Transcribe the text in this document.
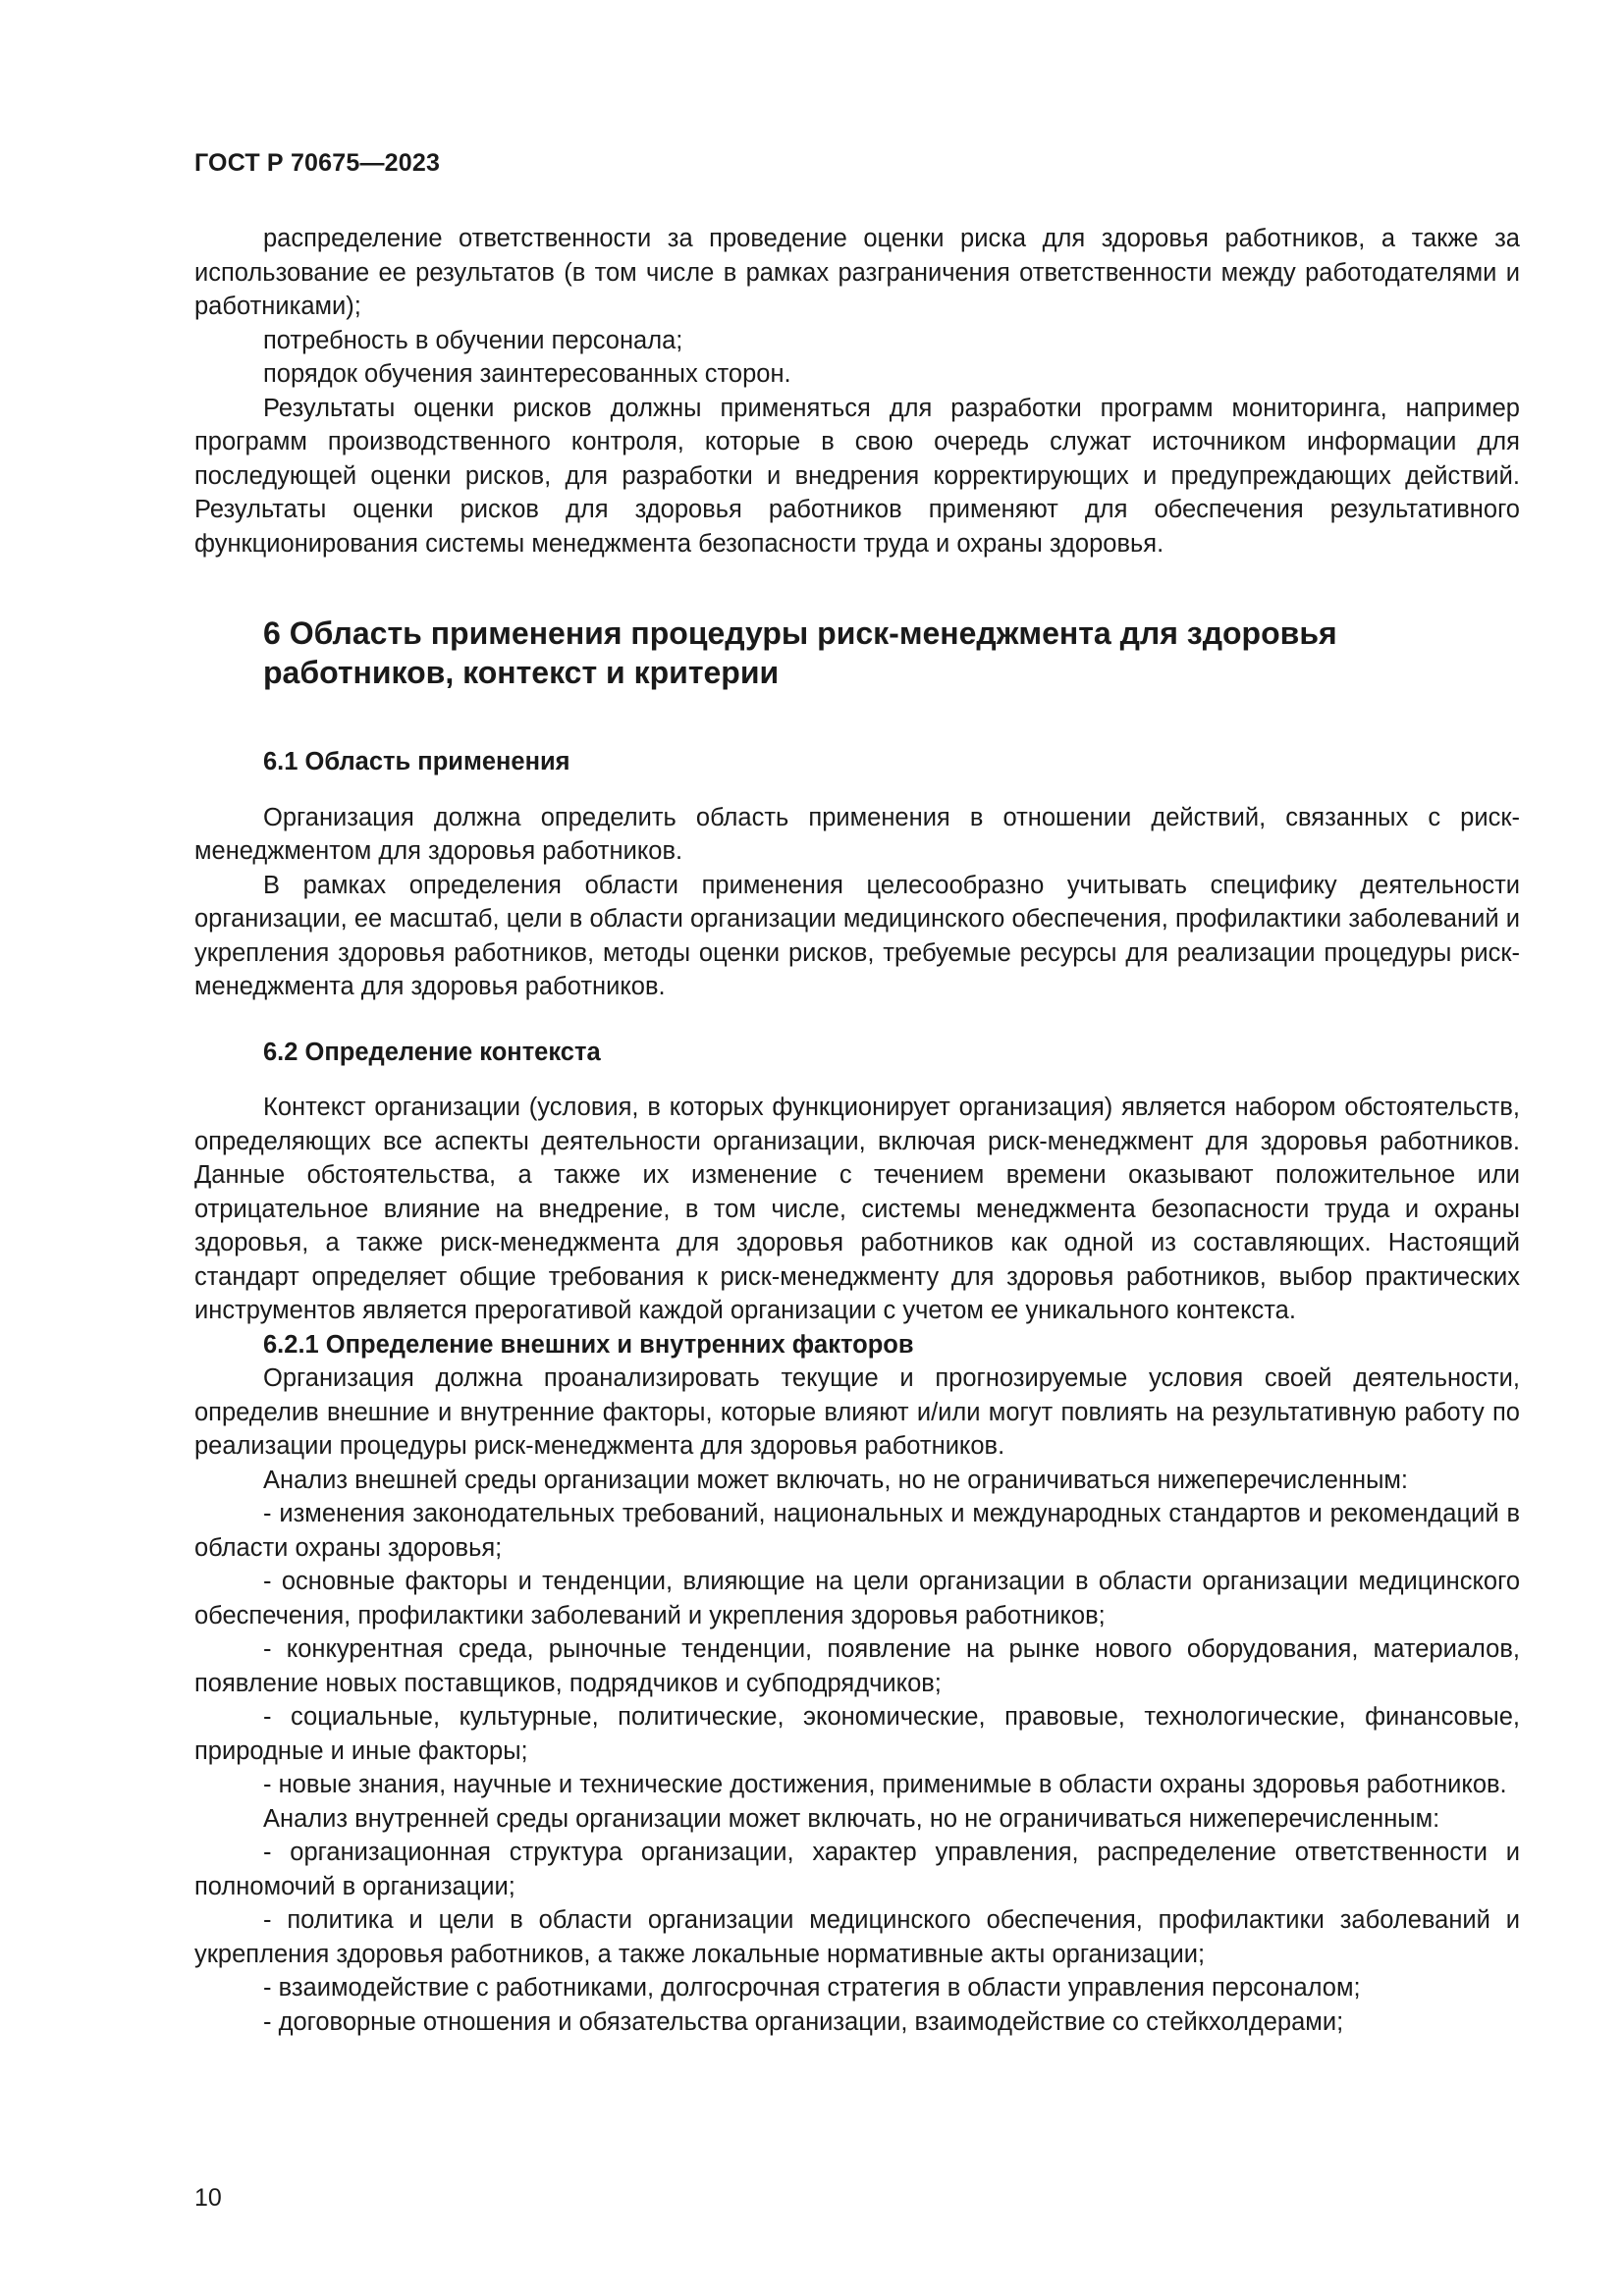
ГОСТ Р 70675—2023

распределение ответственности за проведение оценки риска для здоровья работников, а также за использование ее результатов (в том числе в рамках разграничения ответственности между работодателями и работниками);

потребность в обучении персонала;

порядок обучения заинтересованных сторон.

Результаты оценки рисков должны применяться для разработки программ мониторинга, например программ производственного контроля, которые в свою очередь служат источником информации для последующей оценки рисков, для разработки и внедрения корректирующих и предупреждающих действий. Результаты оценки рисков для здоровья работников применяют для обеспечения результативного функционирования системы менеджмента безопасности труда и охраны здоровья.

6 Область применения процедуры риск-менеджмента для здоровья работников, контекст и критерии
6.1 Область применения

Организация должна определить область применения в отношении действий, связанных с риск-менеджментом для здоровья работников.

В рамках определения области применения целесообразно учитывать специфику деятельности организации, ее масштаб, цели в области организации медицинского обеспечения, профилактики заболеваний и укрепления здоровья работников, методы оценки рисков, требуемые ресурсы для реализации процедуры риск-менеджмента для здоровья работников.

6.2 Определение контекста

Контекст организации (условия, в которых функционирует организация) является набором обстоятельств, определяющих все аспекты деятельности организации, включая риск-менеджмент для здоровья работников. Данные обстоятельства, а также их изменение с течением времени оказывают положительное или отрицательное влияние на внедрение, в том числе, системы менеджмента безопасности труда и охраны здоровья, а также риск-менеджмента для здоровья работников как одной из составляющих. Настоящий стандарт определяет общие требования к риск-менеджменту для здоровья работников, выбор практических инструментов является прерогативой каждой организации с учетом ее уникального контекста.

6.2.1 Определение внешних и внутренних факторов

Организация должна проанализировать текущие и прогнозируемые условия своей деятельности, определив внешние и внутренние факторы, которые влияют и/или могут повлиять на результативную работу по реализации процедуры риск-менеджмента для здоровья работников.

Анализ внешней среды организации может включать, но не ограничиваться нижеперечисленным:

- изменения законодательных требований, национальных и международных стандартов и рекомендаций в области охраны здоровья;

- основные факторы и тенденции, влияющие на цели организации в области организации медицинского обеспечения, профилактики заболеваний и укрепления здоровья работников;

- конкурентная среда, рыночные тенденции, появление на рынке нового оборудования, материалов, появление новых поставщиков, подрядчиков и субподрядчиков;

- социальные, культурные, политические, экономические, правовые, технологические, финансовые, природные и иные факторы;

- новые знания, научные и технические достижения, применимые в области охраны здоровья работников.

Анализ внутренней среды организации может включать, но не ограничиваться нижеперечисленным:

- организационная структура организации, характер управления, распределение ответственности и полномочий в организации;

- политика и цели в области организации медицинского обеспечения, профилактики заболеваний и укрепления здоровья работников, а также локальные нормативные акты организации;

- взаимодействие с работниками, долгосрочная стратегия в области управления персоналом;

- договорные отношения и обязательства организации, взаимодействие со стейкхолдерами;

10
